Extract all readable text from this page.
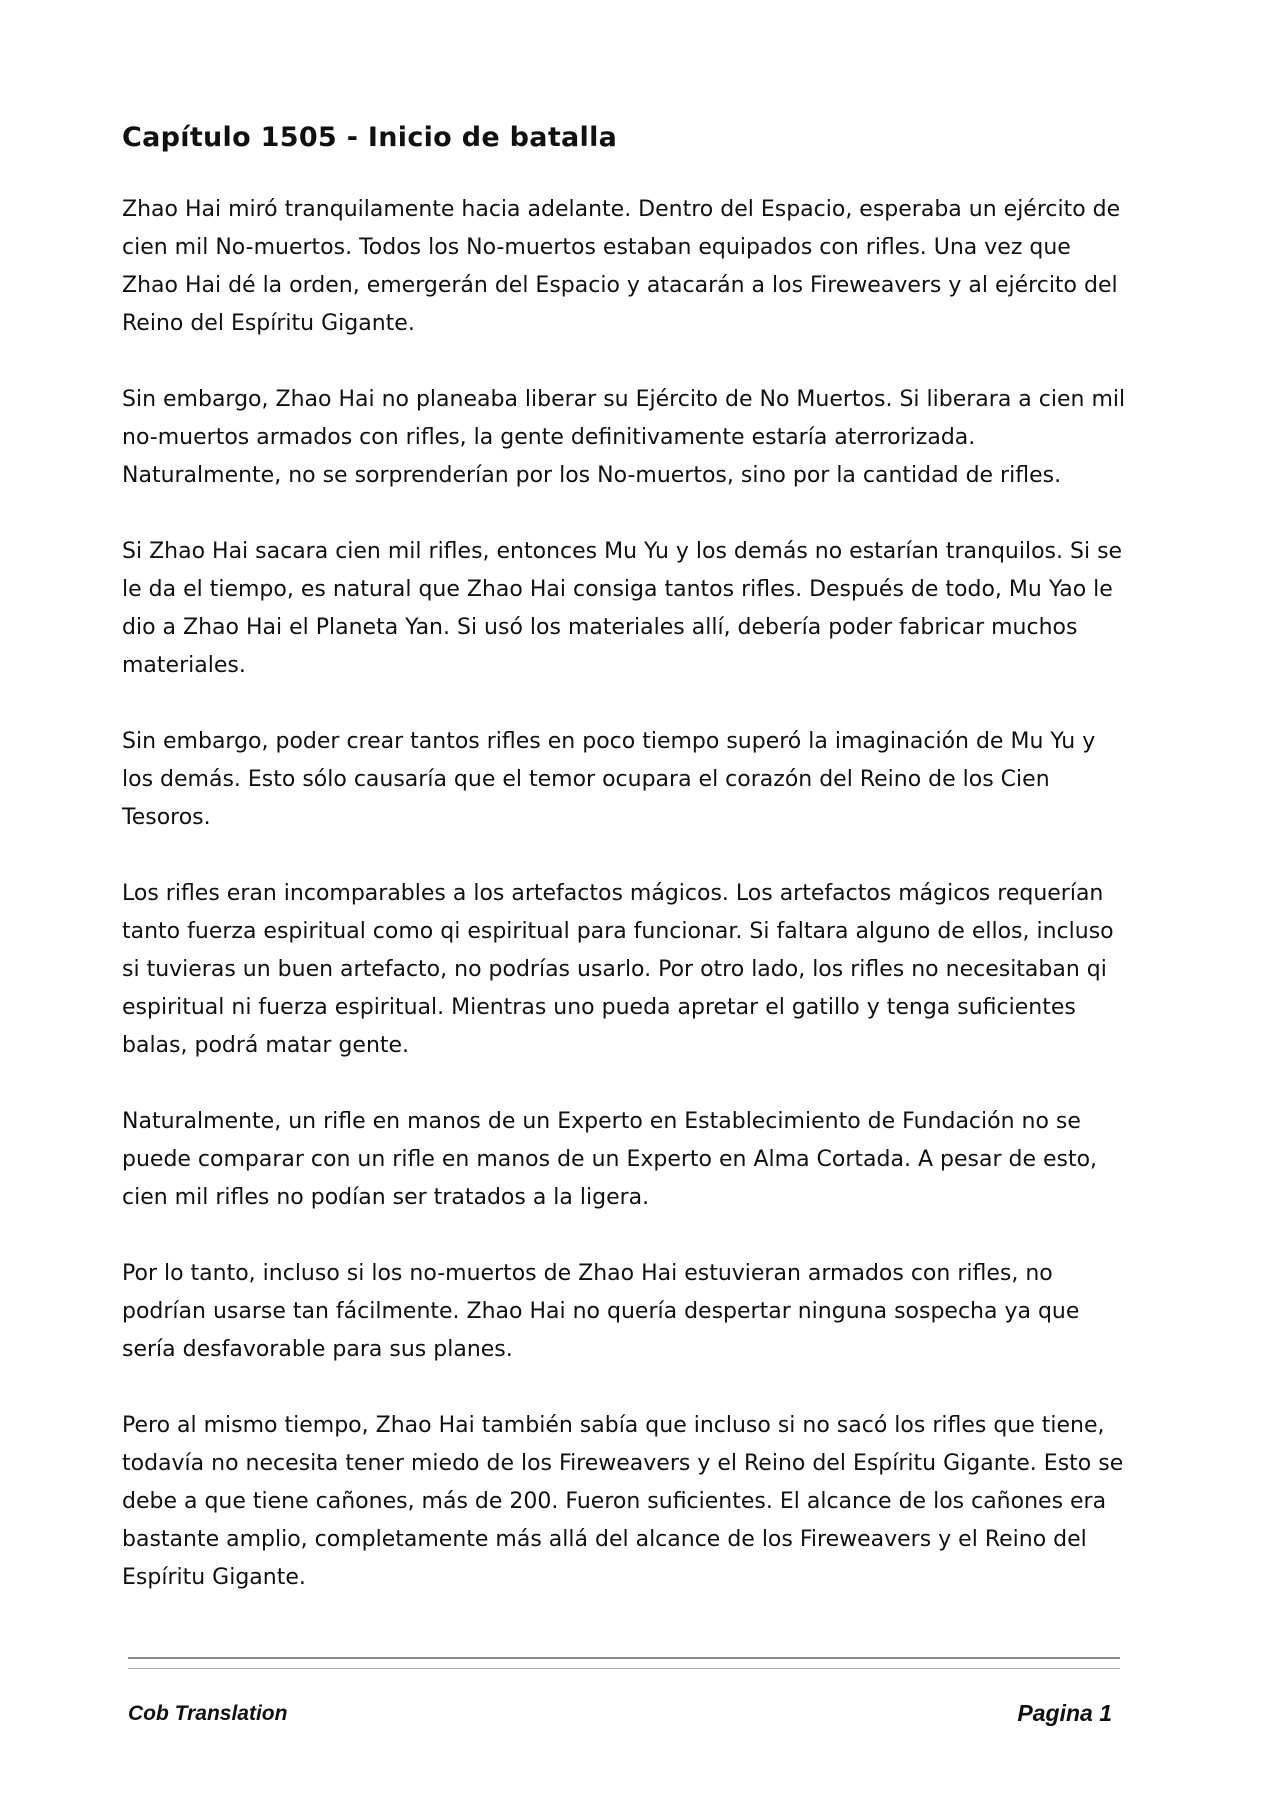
Capítulo 1505 - Inicio de batalla

Zhao Hai miró tranquilamente hacia adelante. Dentro del Espacio, esperaba un ejército de cien mil No-muertos. Todos los No-muertos estaban equipados con rifles. Una vez que Zhao Hai dé la orden, emergerán del Espacio y atacarán a los Fireweavers y al ejército del Reino del Espíritu Gigante.

Sin embargo, Zhao Hai no planeaba liberar su Ejército de No Muertos. Si liberara a cien mil no-muertos armados con rifles, la gente definitivamente estaría aterrorizada. Naturalmente, no se sorprenderían por los No-muertos, sino por la cantidad de rifles.

Si Zhao Hai sacara cien mil rifles, entonces Mu Yu y los demás no estarían tranquilos. Si se le da el tiempo, es natural que Zhao Hai consiga tantos rifles. Después de todo, Mu Yao le dio a Zhao Hai el Planeta Yan. Si usó los materiales allí, debería poder fabricar muchos materiales.

Sin embargo, poder crear tantos rifles en poco tiempo superó la imaginación de Mu Yu y los demás. Esto sólo causaría que el temor ocupara el corazón del Reino de los Cien Tesoros.

Los rifles eran incomparables a los artefactos mágicos. Los artefactos mágicos requerían tanto fuerza espiritual como qi espiritual para funcionar. Si faltara alguno de ellos, incluso si tuvieras un buen artefacto, no podrías usarlo. Por otro lado, los rifles no necesitaban qi espiritual ni fuerza espiritual. Mientras uno pueda apretar el gatillo y tenga suficientes balas, podrá matar gente.

Naturalmente, un rifle en manos de un Experto en Establecimiento de Fundación no se puede comparar con un rifle en manos de un Experto en Alma Cortada. A pesar de esto, cien mil rifles no podían ser tratados a la ligera.

Por lo tanto, incluso si los no-muertos de Zhao Hai estuvieran armados con rifles, no podrían usarse tan fácilmente. Zhao Hai no quería despertar ninguna sospecha ya que sería desfavorable para sus planes.

Pero al mismo tiempo, Zhao Hai también sabía que incluso si no sacó los rifles que tiene, todavía no necesita tener miedo de los Fireweavers y el Reino del Espíritu Gigante. Esto se debe a que tiene cañones, más de 200. Fueron suficientes. El alcance de los cañones era bastante amplio, completamente más allá del alcance de los Fireweavers y el Reino del Espíritu Gigante.

Cob Translation	Pagina 1
